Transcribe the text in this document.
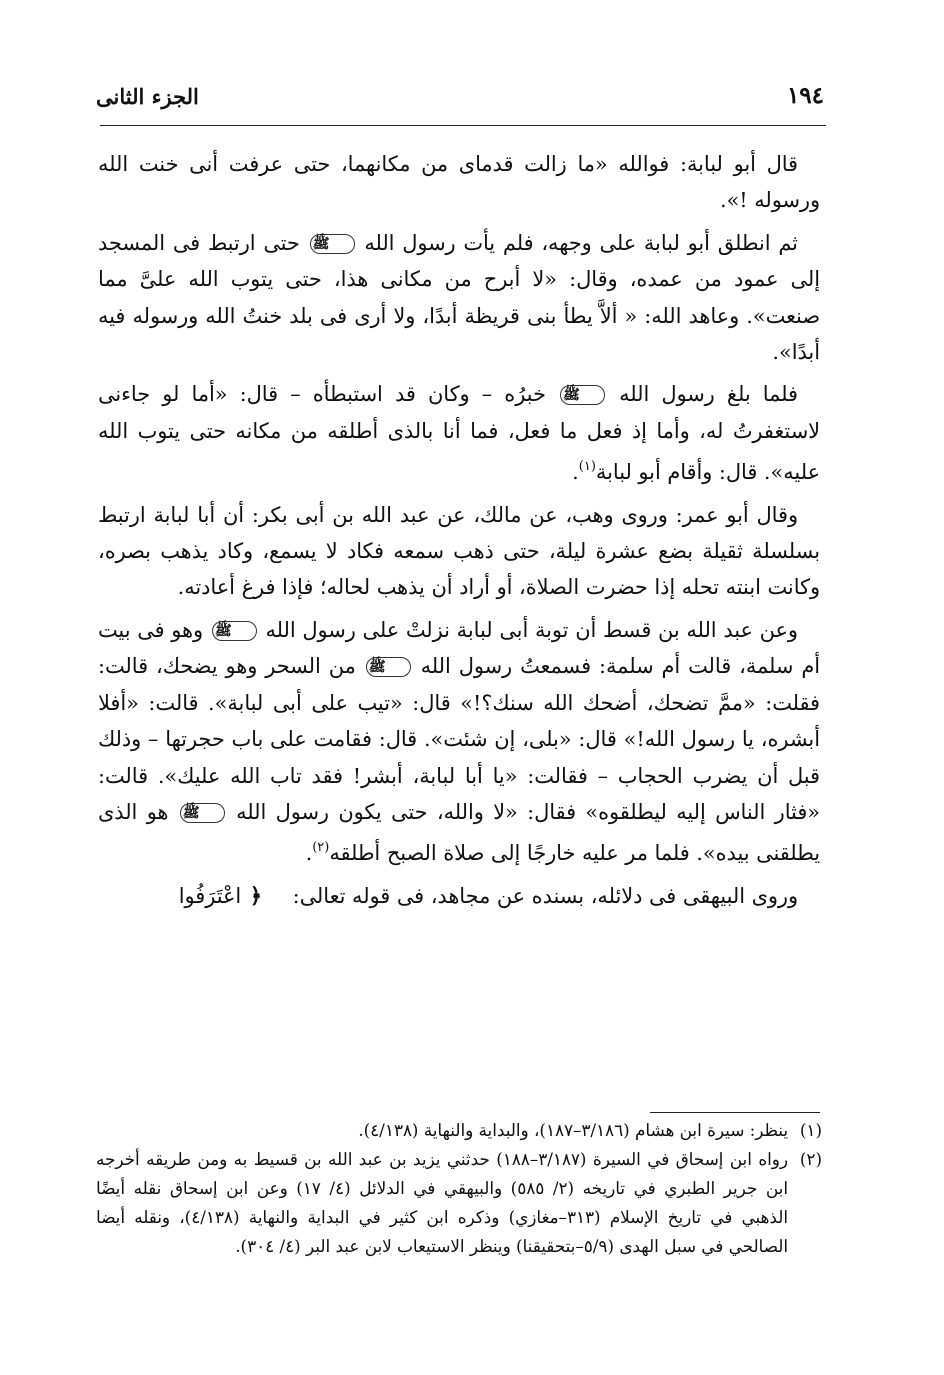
١٩٤
الجزء الثانى

قال أبو لبابة: فوالله «ما زالت قدماى من مكانهما، حتى عرفت أنى خنت الله ورسوله !».

ثم انطلق أبو لبابة على وجهه، فلم يأت رسول الله ﷺ حتى ارتبط فى المسجد إلى عمود من عمده، وقال: «لا أبرح من مكانى هذا، حتى يتوب الله علىَّ مما صنعت». وعاهد الله: « ألاَّ يطأ بنى قريظة أبدًا، ولا أرى فى بلد خنتُ الله ورسوله فيه أبدًا».

فلما بلغ رسول الله ﷺ خبرُه – وكان قد استبطأه – قال: «أما لو جاءنى لاستغفرتُ له، وأما إذ فعل ما فعل، فما أنا بالذى أطلقه من مكانه حتى يتوب الله عليه». قال: وأقام أبو لبابة$^{(١)}$.

وقال أبو عمر: وروى وهب، عن مالك، عن عبد الله بن أبى بكر: أن أبا لبابة ارتبط بسلسلة ثقيلة بضع عشرة ليلة، حتى ذهب سمعه فكاد لا يسمع، وكاد يذهب بصره، وكانت ابنته تحله إذا حضرت الصلاة، أو أراد أن يذهب لحاله؛ فإذا فرغ أعادته.

وعن عبد الله بن قسط أن توبة أبى لبابة نزلتْ على رسول الله ﷺ وهو فى بيت أم سلمة، قالت أم سلمة: فسمعتُ رسول الله ﷺ من السحر وهو يضحك، قالت: فقلت: «ممَّ تضحك، أضحك الله سنك؟!» قال: «تيب على أبى لبابة». قالت: «أفلا أبشره، يا رسول الله!» قال: «بلى، إن شئت». قال: فقامت على باب حجرتها – وذلك قبل أن يضرب الحجاب – فقالت: «يا أبا لبابة، أبشر! فقد تاب الله عليك». قالت: «فثار الناس إليه ليطلقوه» فقال: «لا والله، حتى يكون رسول الله ﷺ هو الذى يطلقنى بيده». فلما مر عليه خارجًا إلى صلاة الصبح أطلقه$^{(٢)}$.

وروى البيهقى فى دلائله، بسنده عن مجاهد، فى قوله تعالى: ﴿ اعْتَرَفُوا

(١)
ينظر: سيرة ابن هشام (٣/١٨٦–١٨٧)، والبداية والنهاية (٤/١٣٨).
(٢)
رواه ابن إسحاق في السيرة (٣/١٨٧–١٨٨) حدثني يزيد بن عبد الله بن قسيط به ومن طريقه أخرجه ابن جرير الطبري في تاريخه (٢/ ٥٨٥) والبيهقي في الدلائل (٤/ ١٧) وعن ابن إسحاق نقله أيضًا الذهبي في تاريخ الإسلام (٣١٣–مغازي) وذكره ابن كثير في البداية والنهاية (٤/١٣٨)، ونقله أيضا الصالحي في سبل الهدى (٥/٩–بتحقيقنا) وينظر الاستيعاب لابن عبد البر (٤/ ٣٠٤).
